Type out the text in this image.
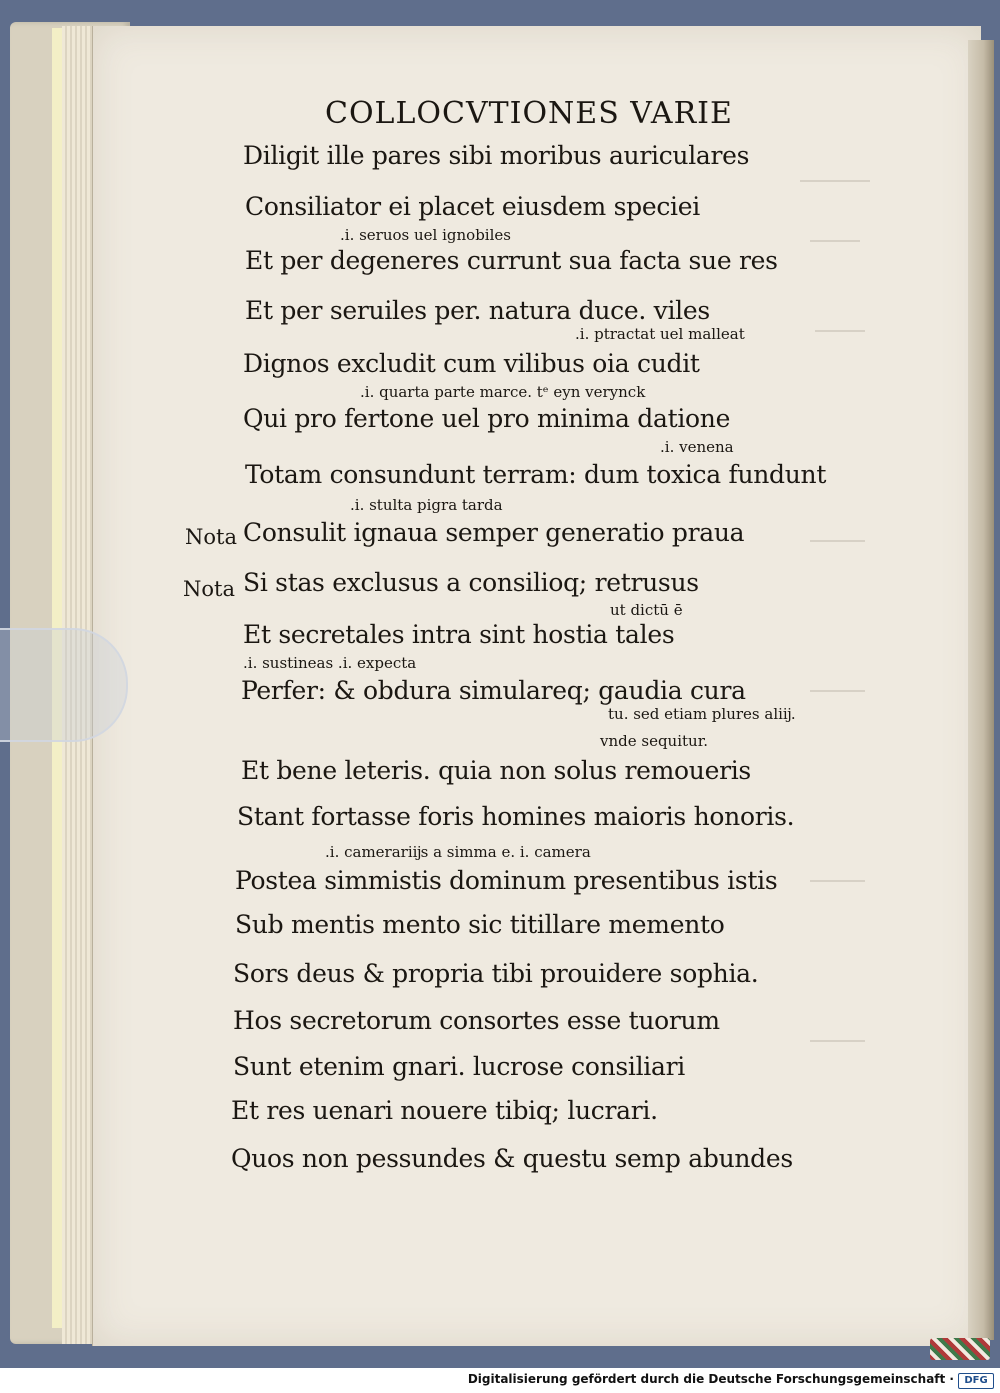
COLLOCVTIONES VARIE
Diligit ille pares sibi moribus auriculares
Consiliator ei placet eiusdem speciei
.i. seruos uel ignobiles
Et per degeneres currunt sua facta sue res
Et per seruiles per. natura duce. viles
.i. ptractat uel malleat
Dignos excludit cum vilibus oia cudit
.i. quarta parte marce. tᵉ eyn verynck
Qui pro fertone uel pro minima datione
.i. venena
Totam consundunt terram: dum toxica fundunt
.i. stulta pigra tarda
Nota Consulit ignaua semper generatio praua
Nota Si stas exclusus a consilioq; retrusus
ut dictū ē
Et secretales intra sint hostia tales
.i. sustineas .i. expecta
Perfer: & obdura simulareq; gaudia cura
tu. sed etiam plures aliĳ.
vnde sequitur.
Et bene leteris. quia non solus remoueris
Stant fortasse foris homines maioris honoris.
.i. camerariĳs a simma e. i. camera
Postea simmistis dominum presentibus istis
Sub mentis mento sic titillare memento
Sors deus & propria tibi prouidere sophia.
Hos secretorum consortes esse tuorum
Sunt etenim gnari. lucrose consiliari
Et res uenari nouere tibiq; lucrari.
Quos non pessundes & questu semp abundes
Digitalisierung gefördert durch die Deutsche Forschungsgemeinschaft ·	DFG
